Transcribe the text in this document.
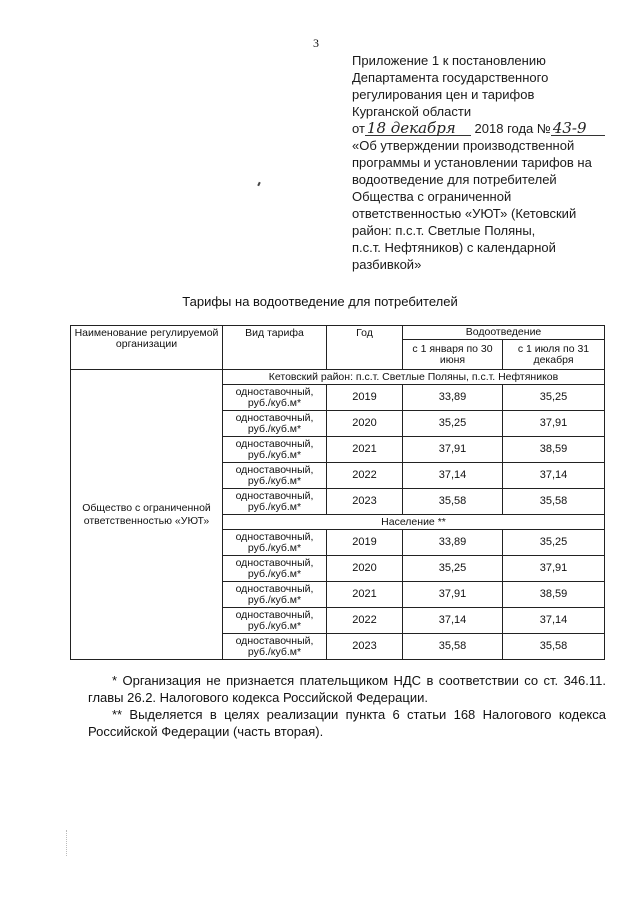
3
Приложение 1 к постановлению
Департамента государственного
регулирования цен и тарифов
Курганской области
от 18 декабря 2018 года № 43-9
«Об утверждении производственной
программы и установлении тарифов на
водоотведение для потребителей
Общества с ограниченной
ответственностью «УЮТ» (Кетовский
район: п.с.т. Светлые Поляны,
п.с.т. Нефтяников) с календарной
разбивкой»
Тарифы на водоотведение для потребителей
Наименование регулируемой организации	Вид тарифа	Год	Водоотведение	
			с 1 января по 30 июня	с 1 июля по 31 декабря
Общество с ограниченной ответственностью «УЮТ»	Кетовский район: п.с.т. Светлые Поляны, п.с.т. Нефтяников			
	одноставочный, руб./куб.м*	2019	33,89	35,25
	одноставочный, руб./куб.м*	2020	35,25	37,91
	одноставочный, руб./куб.м*	2021	37,91	38,59
	одноставочный, руб./куб.м*	2022	37,14	37,14
	одноставочный, руб./куб.м*	2023	35,58	35,58
	Население **			
	одноставочный, руб./куб.м*	2019	33,89	35,25
	одноставочный, руб./куб.м*	2020	35,25	37,91
	одноставочный, руб./куб.м*	2021	37,91	38,59
	одноставочный, руб./куб.м*	2022	37,14	37,14
	одноставочный, руб./куб.м*	2023	35,58	35,58

* Организация не признается плательщиком НДС в соответствии со ст. 346.11. главы 26.2. Налогового кодекса Российской Федерации.

** Выделяется в целях реализации пункта 6 статьи 168 Налогового кодекса Российской Федерации (часть вторая).
